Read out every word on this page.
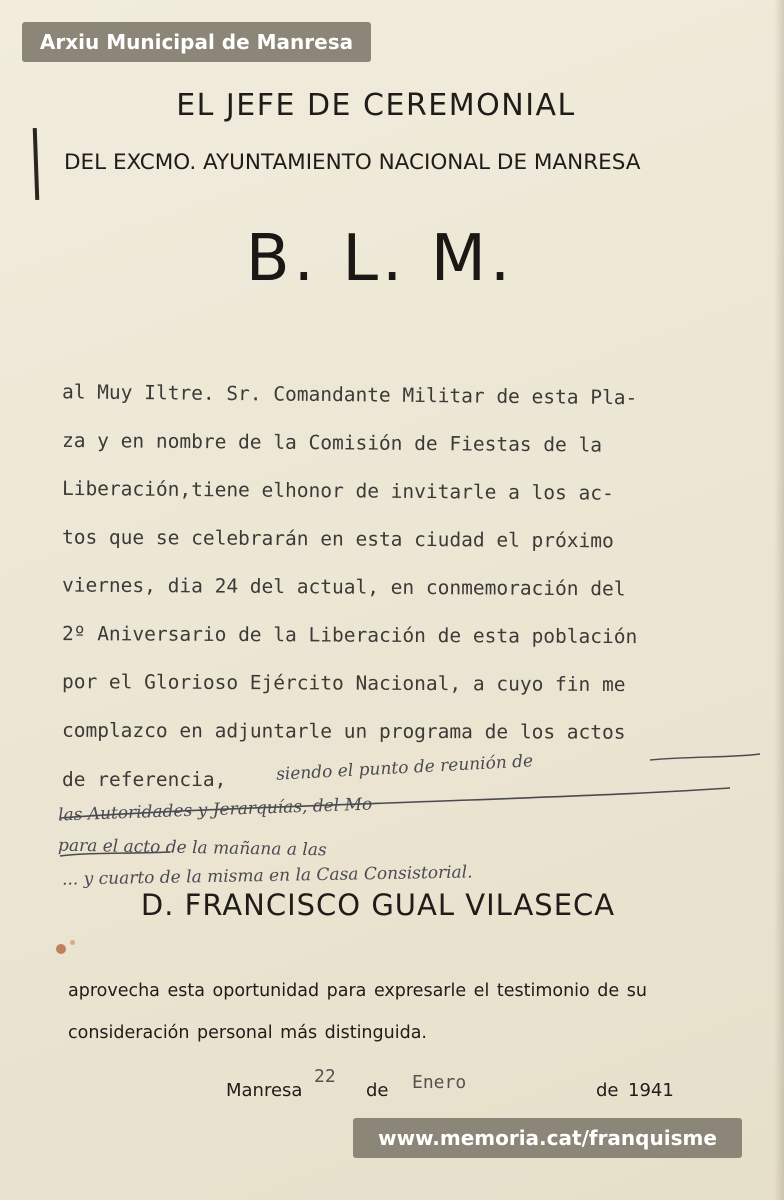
Arxiu Municipal de Manresa
EL JEFE DE CEREMONIAL
DEL EXCMO. AYUNTAMIENTO NACIONAL DE MANRESA
B. L. M.
al Muy Iltre. Sr. Comandante Militar de esta Pla-
za y en nombre de la Comisión de Fiestas de la
Liberación,tiene elhonor de invitarle a los ac-
tos que se celebrarán en esta ciudad el próximo
viernes, dia 24 del actual, en conmemoración del
2º Aniversario de la Liberación de esta población
por el Glorioso Ejército Nacional, a cuyo fin me
complazco en adjuntarle un programa de los actos
de referencia,	siendo el punto de reunión de
las Autoridades y Jerarquías, del Mo
para el acto de la mañana a las
... y cuarto de la misma en la Casa Consistorial.
D. FRANCISCO GUAL VILASECA
aprovecha esta oportunidad para expresarle el testimonio de su
consideración personal más distinguida.
Manresa
22
de Enero	de 1941
www.memoria.cat/franquisme
